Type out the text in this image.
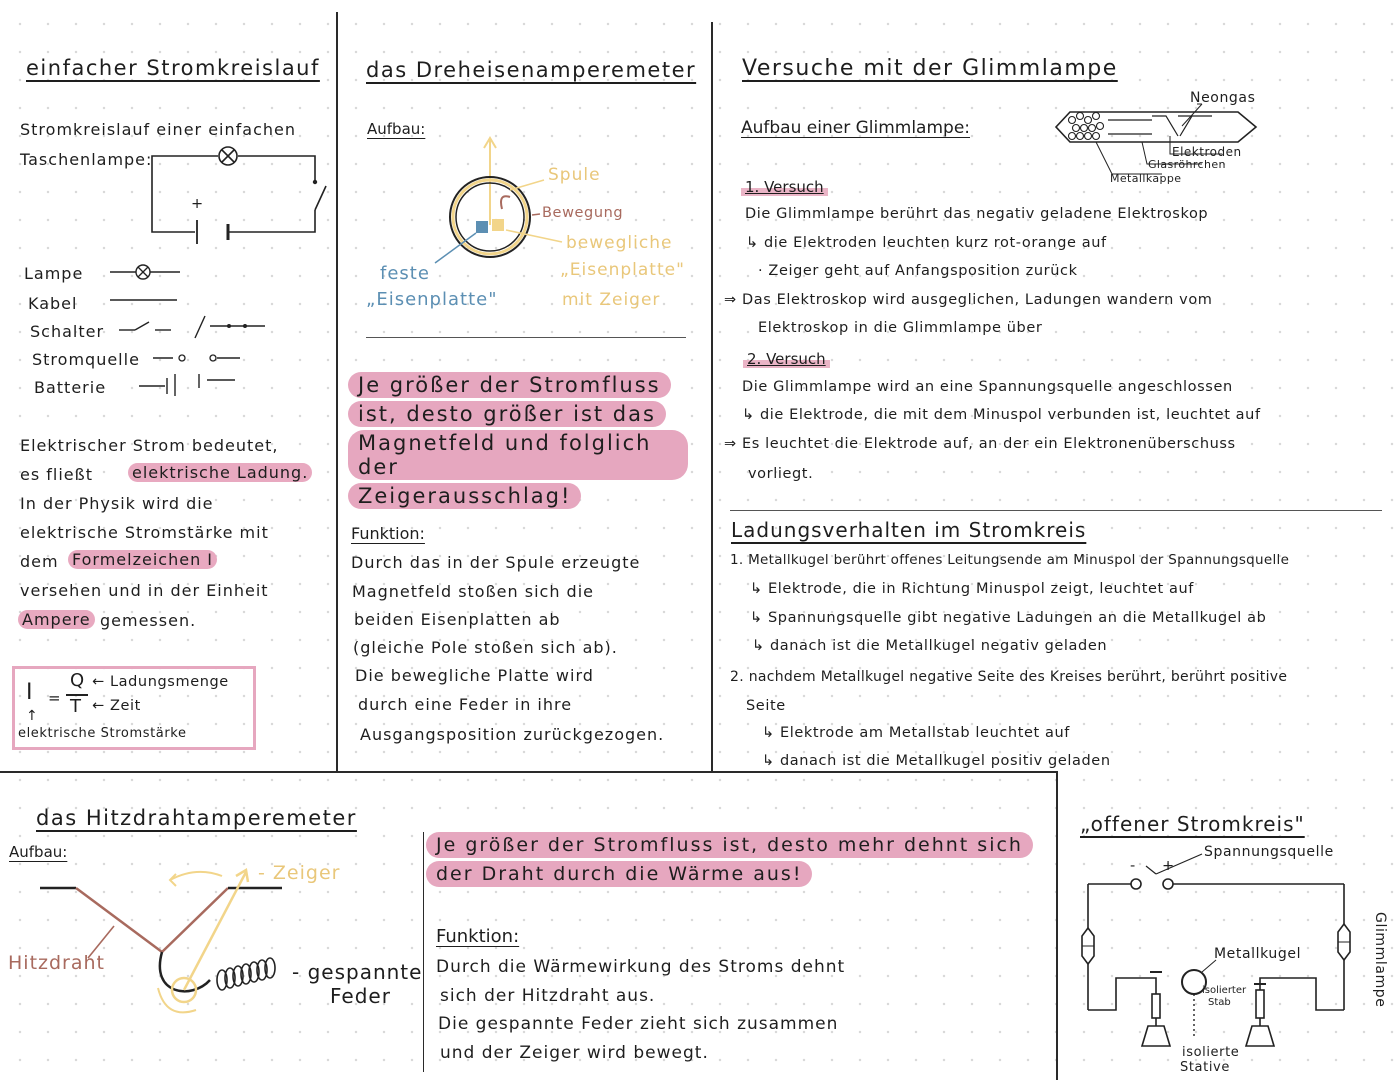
einfacher Stromkreislauf
Stromkreislauf einer einfachen
Taschenlampe:
+
Lampe
Kabel
Schalter
Stromquelle
Batterie
Elektrischer Strom bedeutet,
es fließt elektrische Ladung.
In der Physik wird die
elektrische Stromstärke mit
dem Formelzeichen I
versehen und in der Einheit
Ampere gemessen.
I =
Q
T
← Ladungsmenge
← Zeit
↑
elektrische Stromstärke
das Dreheisenamperemeter
Aufbau:
Spule
Bewegung
bewegliche
„Eisenplatte"
mit Zeiger
feste
„Eisenplatte"
Je größer der Stromfluss
ist, desto größer ist das
Magnetfeld und folglich der
Zeigerausschlag!
Funktion:
Durch das in der Spule erzeugte
Magnetfeld stoßen sich die
beiden Eisenplatten ab
(gleiche Pole stoßen sich ab).
Die bewegliche Platte wird
durch eine Feder in ihre
Ausgangsposition zurückgezogen.
Versuche mit der Glimmlampe
Aufbau einer Glimmlampe:
Neongas
Elektroden
Glasröhrchen
Metallkappe
1. Versuch
Die Glimmlampe berührt das negativ geladene Elektroskop
↳ die Elektroden leuchten kurz rot-orange auf
· Zeiger geht auf Anfangsposition zurück
⇒ Das Elektroskop wird ausgeglichen, Ladungen wandern vom
Elektroskop in die Glimmlampe über
2. Versuch
Die Glimmlampe wird an eine Spannungsquelle angeschlossen
↳ die Elektrode, die mit dem Minuspol verbunden ist, leuchtet auf
⇒ Es leuchtet die Elektrode auf, an der ein Elektronenüberschuss
vorliegt.
Ladungsverhalten im Stromkreis
1. Metallkugel berührt offenes Leitungsende am Minuspol der Spannungsquelle
↳ Elektrode, die in Richtung Minuspol zeigt, leuchtet auf
↳ Spannungsquelle gibt negative Ladungen an die Metallkugel ab
↳ danach ist die Metallkugel negativ geladen
2. nachdem Metallkugel negative Seite des Kreises berührt, berührt positive
Seite
↳ Elektrode am Metallstab leuchtet auf
↳ danach ist die Metallkugel positiv geladen
das Hitzdrahtamperemeter
Aufbau:
- Zeiger
Hitzdraht	- gespannte
Feder
Je größer der Stromfluss ist, desto mehr dehnt sich
der Draht durch die Wärme aus!
Funktion:
Durch die Wärmewirkung des Stroms dehnt
sich der Hitzdraht aus.
Die gespannte Feder zieht sich zusammen
und der Zeiger wird bewegt.
„offener Stromkreis"
Spannungsquelle
- +
Glimmlampe
Metallkugel
isolierter
Stab
isolierte
Stative
